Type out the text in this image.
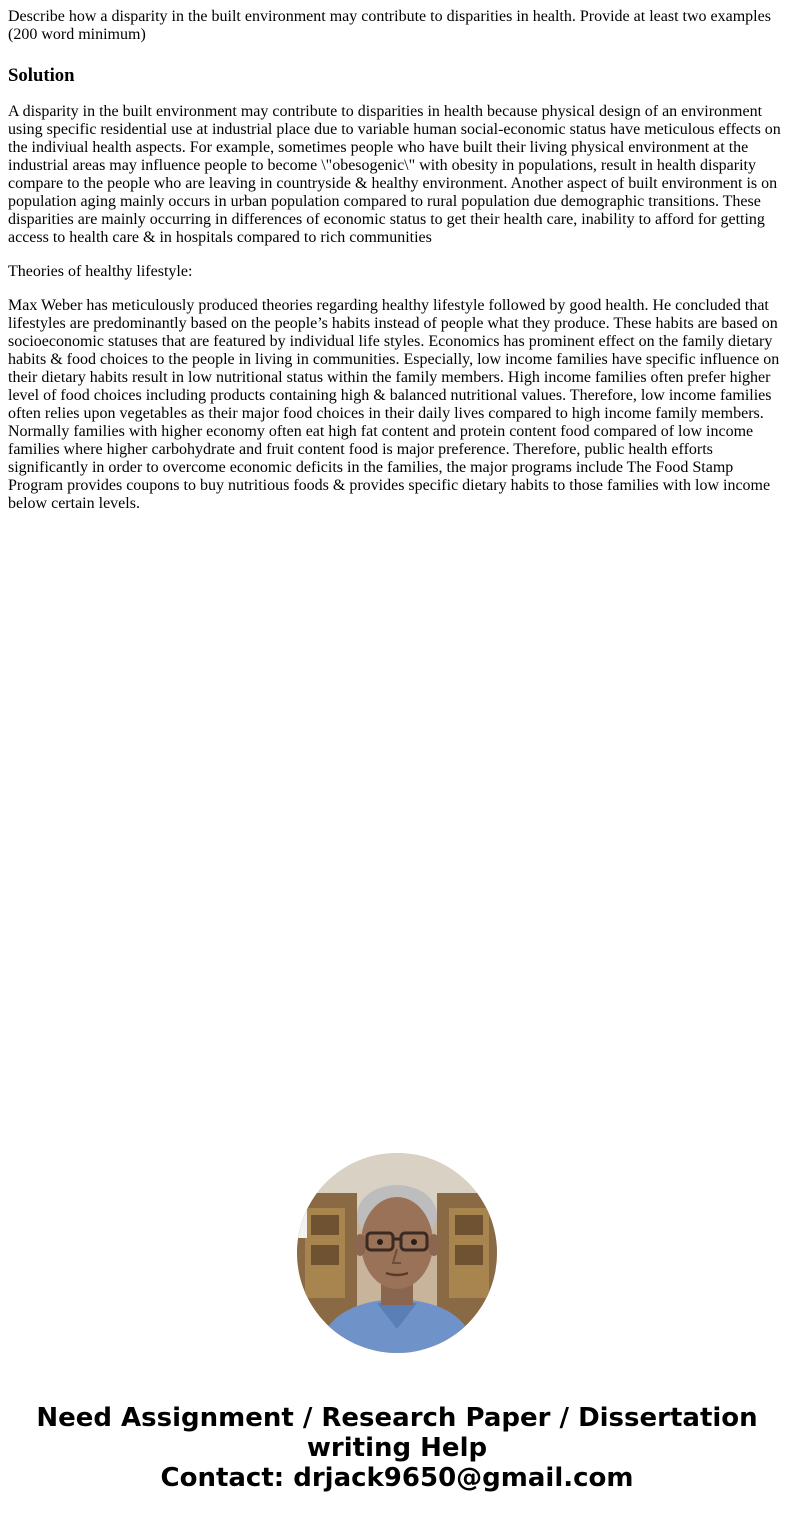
Describe how a disparity in the built environment may contribute to disparities in health. Provide at least two examples (200 word minimum)

Solution

A disparity in the built environment may contribute to disparities in health because physical design of an environment using specific residential use at industrial place due to variable human social-economic status have meticulous effects on the indiviual health aspects. For example, sometimes people who have built their living physical environment at the industrial areas may influence people to become \"obesogenic\" with obesity in populations, result in health disparity compare to the people who are leaving in countryside & healthy environment. Another aspect of built environment is on population aging mainly occurs in urban population compared to rural population due demographic transitions. These disparities are mainly occurring in differences of economic status to get their health care, inability to afford for getting access to health care & in hospitals compared to rich communities

Theories of healthy lifestyle:

Max Weber has meticulously produced theories regarding healthy lifestyle followed by good health. He concluded that lifestyles are predominantly based on the people’s habits instead of people what they produce. These habits are based on socioeconomic statuses that are featured by individual life styles. Economics has prominent effect on the family dietary habits & food choices to the people in living in communities. Especially, low income families have specific influence on their dietary habits result in low nutritional status within the family members. High income families often prefer higher level of food choices including products containing high & balanced nutritional values. Therefore, low income families often relies upon vegetables as their major food choices in their daily lives compared to high income family members. Normally families with higher economy often eat high fat content and protein content food compared of low income families where higher carbohydrate and fruit content food is major preference. Therefore, public health efforts significantly in order to overcome economic deficits in the families, the major programs include The Food Stamp Program provides coupons to buy nutritious foods & provides specific dietary habits to those families with low income below certain levels.

Need Assignment / Research Paper / Dissertation
writing Help
Contact: drjack9650@gmail.com
